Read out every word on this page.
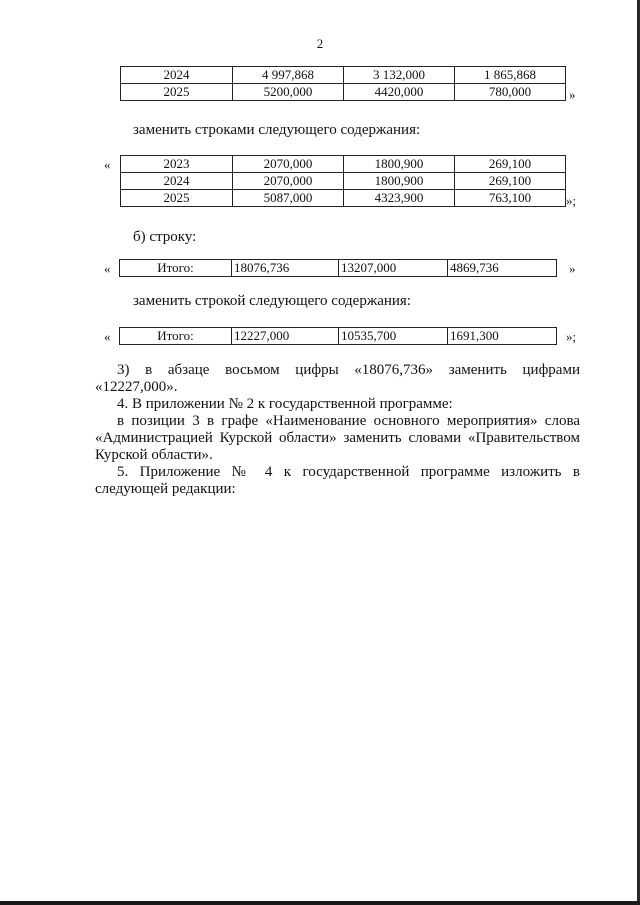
2
2024	4 997,868	3 132,000	1 865,868
2025	5200,000	4420,000	780,000	»
заменить строками следующего содержания:
«	2023	2070,000	1800,900	269,100
2024	2070,000	1800,900	269,100
2025	5087,000	4323,900	763,100	»;
б) строку:
«	Итого:	18076,736	13207,000	4869,736	»
заменить строкой следующего содержания:
«	Итого:	12227,000	10535,700	1691,300	»;
3) в абзаце восьмом цифры «18076,736» заменить цифрами
«12227,000».
4. В приложении № 2 к государственной программе:
в позиции 3 в графе «Наименование основного мероприятия» слова
«Администрацией Курской области» заменить словами «Правительством
Курской области».
5. Приложение № 4 к государственной программе изложить в
следующей редакции:
